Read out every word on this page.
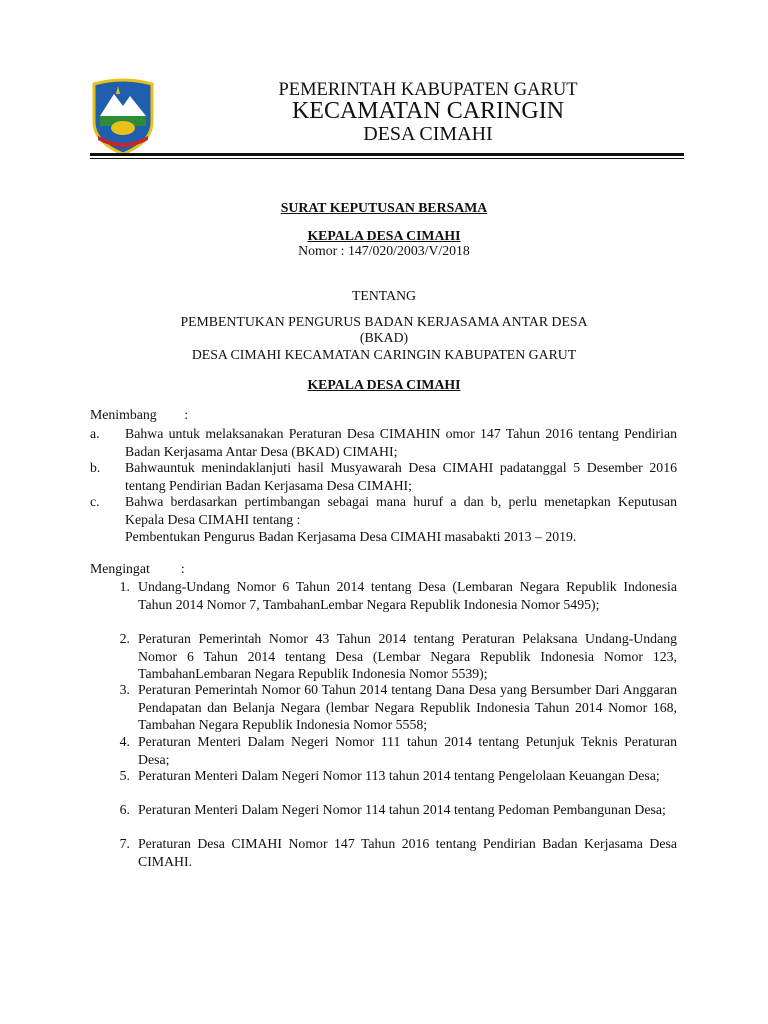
PEMERINTAH KABUPATEN GARUT
KECAMATAN CARINGIN
DESA CIMAHI
SURAT KEPUTUSAN BERSAMA
KEPALA DESA CIMAHI
Nomor : 147/020/2003/V/2018
TENTANG
PEMBENTUKAN PENGURUS BADAN KERJASAMA ANTAR DESA
(BKAD)
DESA CIMAHI KECAMATAN CARINGIN KABUPATEN GARUT
KEPALA DESA CIMAHI
Menimbang        :
a. Bahwa untuk melaksanakan Peraturan Desa CIMAHIN omor 147 Tahun 2016 tentang Pendirian Badan Kerjasama Antar Desa (BKAD) CIMAHI;
b. Bahwauntuk menindaklanjuti hasil Musyawarah Desa CIMAHI padatanggal 5 Desember 2016 tentang Pendirian Badan Kerjasama Desa CIMAHI;
c. Bahwa berdasarkan pertimbangan sebagai mana huruf a dan b, perlu menetapkan Keputusan Kepala Desa CIMAHI tentang :
Pembentukan Pengurus Badan Kerjasama Desa CIMAHI masabakti 2013 – 2019.
Mengingat         :
1. Undang-Undang Nomor 6 Tahun 2014 tentang Desa (Lembaran Negara Republik Indonesia Tahun 2014 Nomor 7, TambahanLembar Negara Republik Indonesia Nomor 5495);
2. Peraturan Pemerintah Nomor 43 Tahun 2014 tentang Peraturan Pelaksana Undang-Undang Nomor 6 Tahun 2014 tentang Desa (Lembar Negara Republik Indonesia Nomor 123, TambahanLembaran Negara Republik Indonesia Nomor 5539);
3. Peraturan Pemerintah Nomor 60 Tahun 2014 tentang Dana Desa yang Bersumber Dari Anggaran Pendapatan dan Belanja Negara (lembar Negara Republik Indonesia Tahun 2014 Nomor 168, Tambahan Negara Republik Indonesia Nomor 5558;
4. Peraturan Menteri Dalam Negeri Nomor 111 tahun 2014 tentang Petunjuk Teknis Peraturan Desa;
5. Peraturan Menteri Dalam Negeri Nomor 113 tahun 2014 tentang Pengelolaan Keuangan Desa;
6. Peraturan Menteri Dalam Negeri Nomor 114 tahun 2014 tentang Pedoman Pembangunan Desa;
7. Peraturan Desa CIMAHI Nomor 147 Tahun 2016 tentang Pendirian Badan Kerjasama Desa CIMAHI.
